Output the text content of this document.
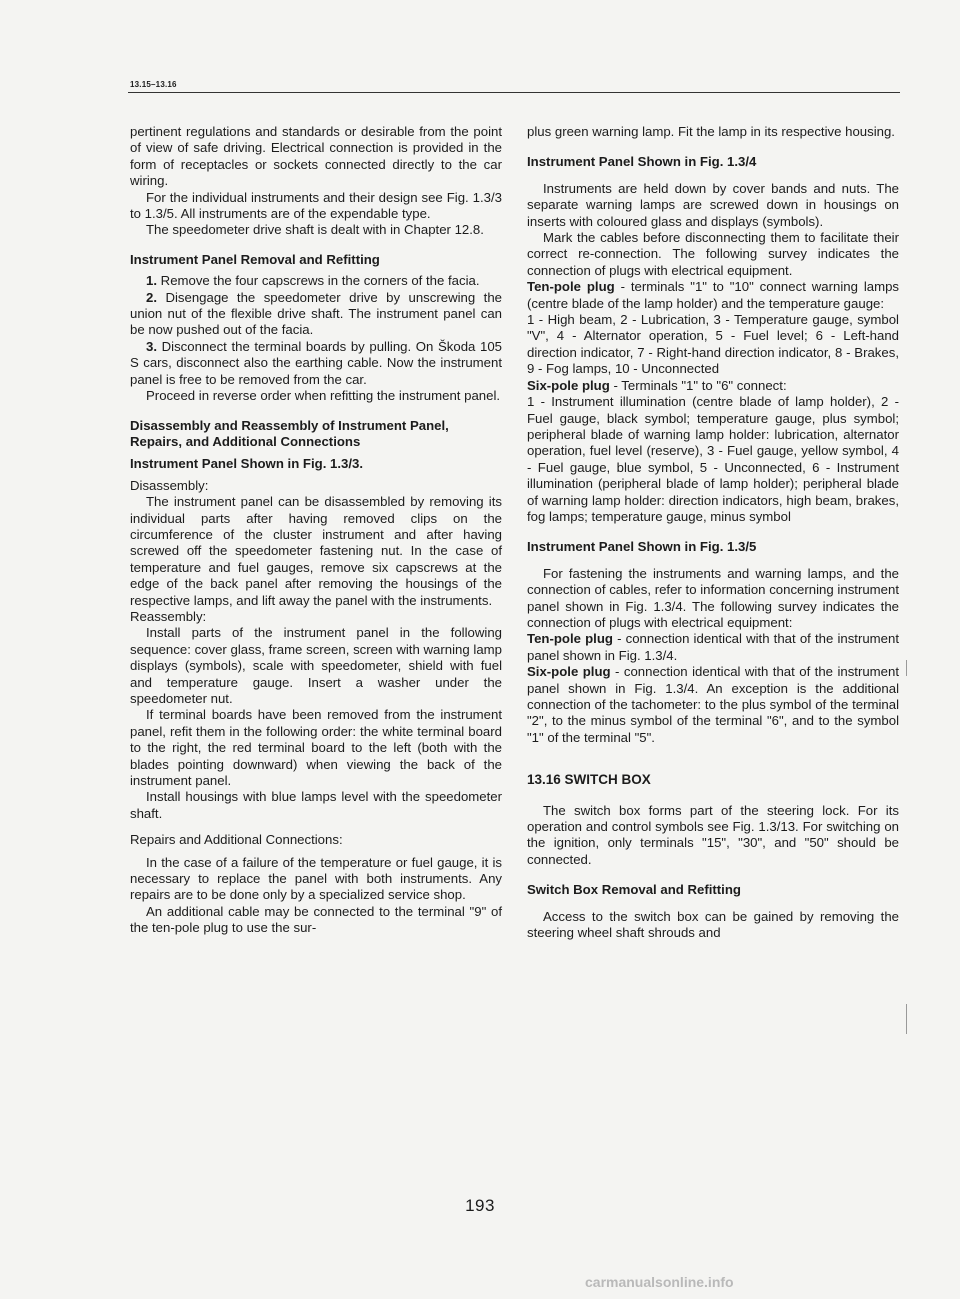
13.15–13.16

pertinent regulations and standards or desirable from the point of view of safe driving. Electrical connection is provided in the form of receptacles or sockets connected directly to the car wiring.

For the individual instruments and their design see Fig. 1.3/3 to 1.3/5. All instruments are of the expendable type.

The speedometer drive shaft is dealt with in Chapter 12.8.

Instrument Panel Removal and Refitting

1. Remove the four capscrews in the corners of the facia.

2. Disengage the speedometer drive by unscrewing the union nut of the flexible drive shaft. The instrument panel can be now pushed out of the facia.

3. Disconnect the terminal boards by pulling. On Škoda 105 S cars, disconnect also the earthing cable. Now the instrument panel is free to be removed from the car.

Proceed in reverse order when refitting the instrument panel.

Disassembly and Reassembly of Instrument Panel, Repairs, and Additional Connections
Instrument Panel Shown in Fig. 1.3/3.

Disassembly:

The instrument panel can be disassembled by removing its individual parts after having removed clips on the circumference of the cluster instrument and after having screwed off the speedometer fastening nut. In the case of temperature and fuel gauges, remove six capscrews at the edge of the back panel after removing the housings of the respective lamps, and lift away the panel with the instruments.

Reassembly:

Install parts of the instrument panel in the following sequence: cover glass, frame screen, screen with warning lamp displays (symbols), scale with speedometer, shield with fuel and temperature gauge. Insert a washer under the speedometer nut.

If terminal boards have been removed from the instrument panel, refit them in the following order: the white terminal board to the right, the red terminal board to the left (both with the blades pointing downward) when viewing the back of the instrument panel.

Install housings with blue lamps level with the speedometer shaft.

Repairs and Additional Connections:

In the case of a failure of the temperature or fuel gauge, it is necessary to replace the panel with both instruments. Any repairs are to be done only by a specialized service shop.

An additional cable may be connected to the terminal "9" of the ten-pole plug to use the sur-

plus green warning lamp. Fit the lamp in its respective housing.

Instrument Panel Shown in Fig. 1.3/4

Instruments are held down by cover bands and nuts. The separate warning lamps are screwed down in housings on inserts with coloured glass and displays (symbols).

Mark the cables before disconnecting them to facilitate their correct re-connection. The following survey indicates the connection of plugs with electrical equipment.

Ten-pole plug - terminals "1" to "10" connect warning lamps (centre blade of the lamp holder) and the temperature gauge:

1 - High beam, 2 - Lubrication, 3 - Temperature gauge, symbol "V", 4 - Alternator operation, 5 - Fuel level; 6 - Left-hand direction indicator, 7 - Right-hand direction indicator, 8 - Brakes, 9 - Fog lamps, 10 - Unconnected

Six-pole plug - Terminals "1" to "6" connect:

1 - Instrument illumination (centre blade of lamp holder), 2 - Fuel gauge, black symbol; temperature gauge, plus symbol; peripheral blade of warning lamp holder: lubrication, alternator operation, fuel level (reserve), 3 - Fuel gauge, yellow symbol, 4 - Fuel gauge, blue symbol, 5 - Unconnected, 6 - Instrument illumination (peripheral blade of lamp holder); peripheral blade of warning lamp holder: direction indicators, high beam, brakes, fog lamps; temperature gauge, minus symbol

Instrument Panel Shown in Fig. 1.3/5

For fastening the instruments and warning lamps, and the connection of cables, refer to information concerning instrument panel shown in Fig. 1.3/4. The following survey indicates the connection of plugs with electrical equipment:

Ten-pole plug - connection identical with that of the instrument panel shown in Fig. 1.3/4.

Six-pole plug - connection identical with that of the instrument panel shown in Fig. 1.3/4. An exception is the additional connection of the tachometer: to the plus symbol of the terminal "2", to the minus symbol of the terminal "6", and to the symbol "1" of the terminal "5".

13.16 SWITCH BOX

The switch box forms part of the steering lock. For its operation and control symbols see Fig. 1.3/13. For switching on the ignition, only terminals "15", "30", and "50" should be connected.

Switch Box Removal and Refitting

Access to the switch box can be gained by removing the steering wheel shaft shrouds and

193
carmanualsonline.info
